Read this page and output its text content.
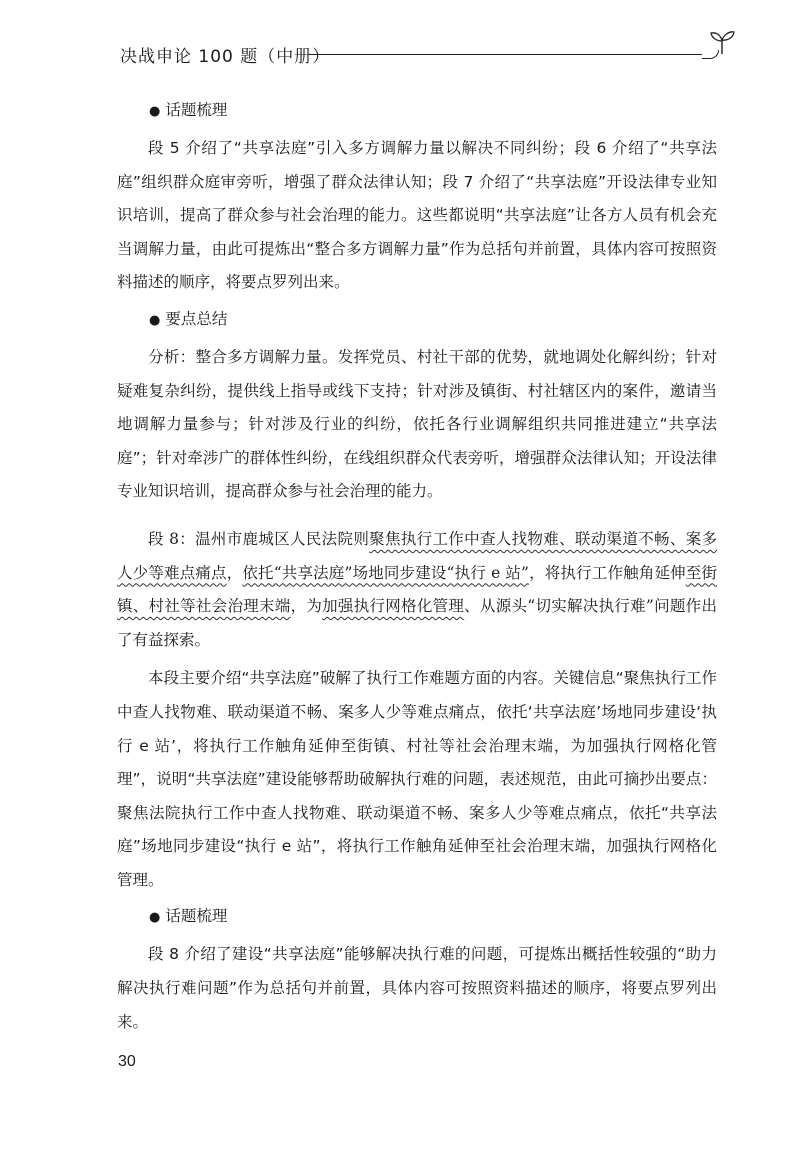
决战申论 100 题（中册）
● 话题梳理

段 5 介绍了“共享法庭”引入多方调解力量以解决不同纠纷；段 6 介绍了“共享法庭”组织群众庭审旁听，增强了群众法律认知；段 7 介绍了“共享法庭”开设法律专业知识培训，提高了群众参与社会治理的能力。这些都说明“共享法庭”让各方人员有机会充当调解力量，由此可提炼出“整合多方调解力量”作为总括句并前置，具体内容可按照资料描述的顺序，将要点罗列出来。

● 要点总结

分析：整合多方调解力量。发挥党员、村社干部的优势，就地调处化解纠纷；针对疑难复杂纠纷，提供线上指导或线下支持；针对涉及镇街、村社辖区内的案件，邀请当地调解力量参与；针对涉及行业的纠纷，依托各行业调解组织共同推进建立“共享法庭”；针对牵涉广的群体性纠纷，在线组织群众代表旁听，增强群众法律认知；开设法律专业知识培训，提高群众参与社会治理的能力。

段 8：温州市鹿城区人民法院则聚焦执行工作中查人找物难、联动渠道不畅、案多人少等难点痛点，依托“共享法庭”场地同步建设“执行 e 站”，将执行工作触角延伸至街镇、村社等社会治理末端，为加强执行网格化管理、从源头“切实解决执行难”问题作出了有益探索。

本段主要介绍“共享法庭”破解了执行工作难题方面的内容。关键信息“聚焦执行工作中查人找物难、联动渠道不畅、案多人少等难点痛点，依托‘共享法庭’场地同步建设‘执行 e 站’，将执行工作触角延伸至街镇、村社等社会治理末端，为加强执行网格化管理”，说明“共享法庭”建设能够帮助破解执行难的问题，表述规范，由此可摘抄出要点：聚焦法院执行工作中查人找物难、联动渠道不畅、案多人少等难点痛点，依托“共享法庭”场地同步建设“执行 e 站”，将执行工作触角延伸至社会治理末端，加强执行网格化管理。

● 话题梳理

段 8 介绍了建设“共享法庭”能够解决执行难的问题，可提炼出概括性较强的“助力解决执行难问题”作为总括句并前置，具体内容可按照资料描述的顺序，将要点罗列出来。

30
